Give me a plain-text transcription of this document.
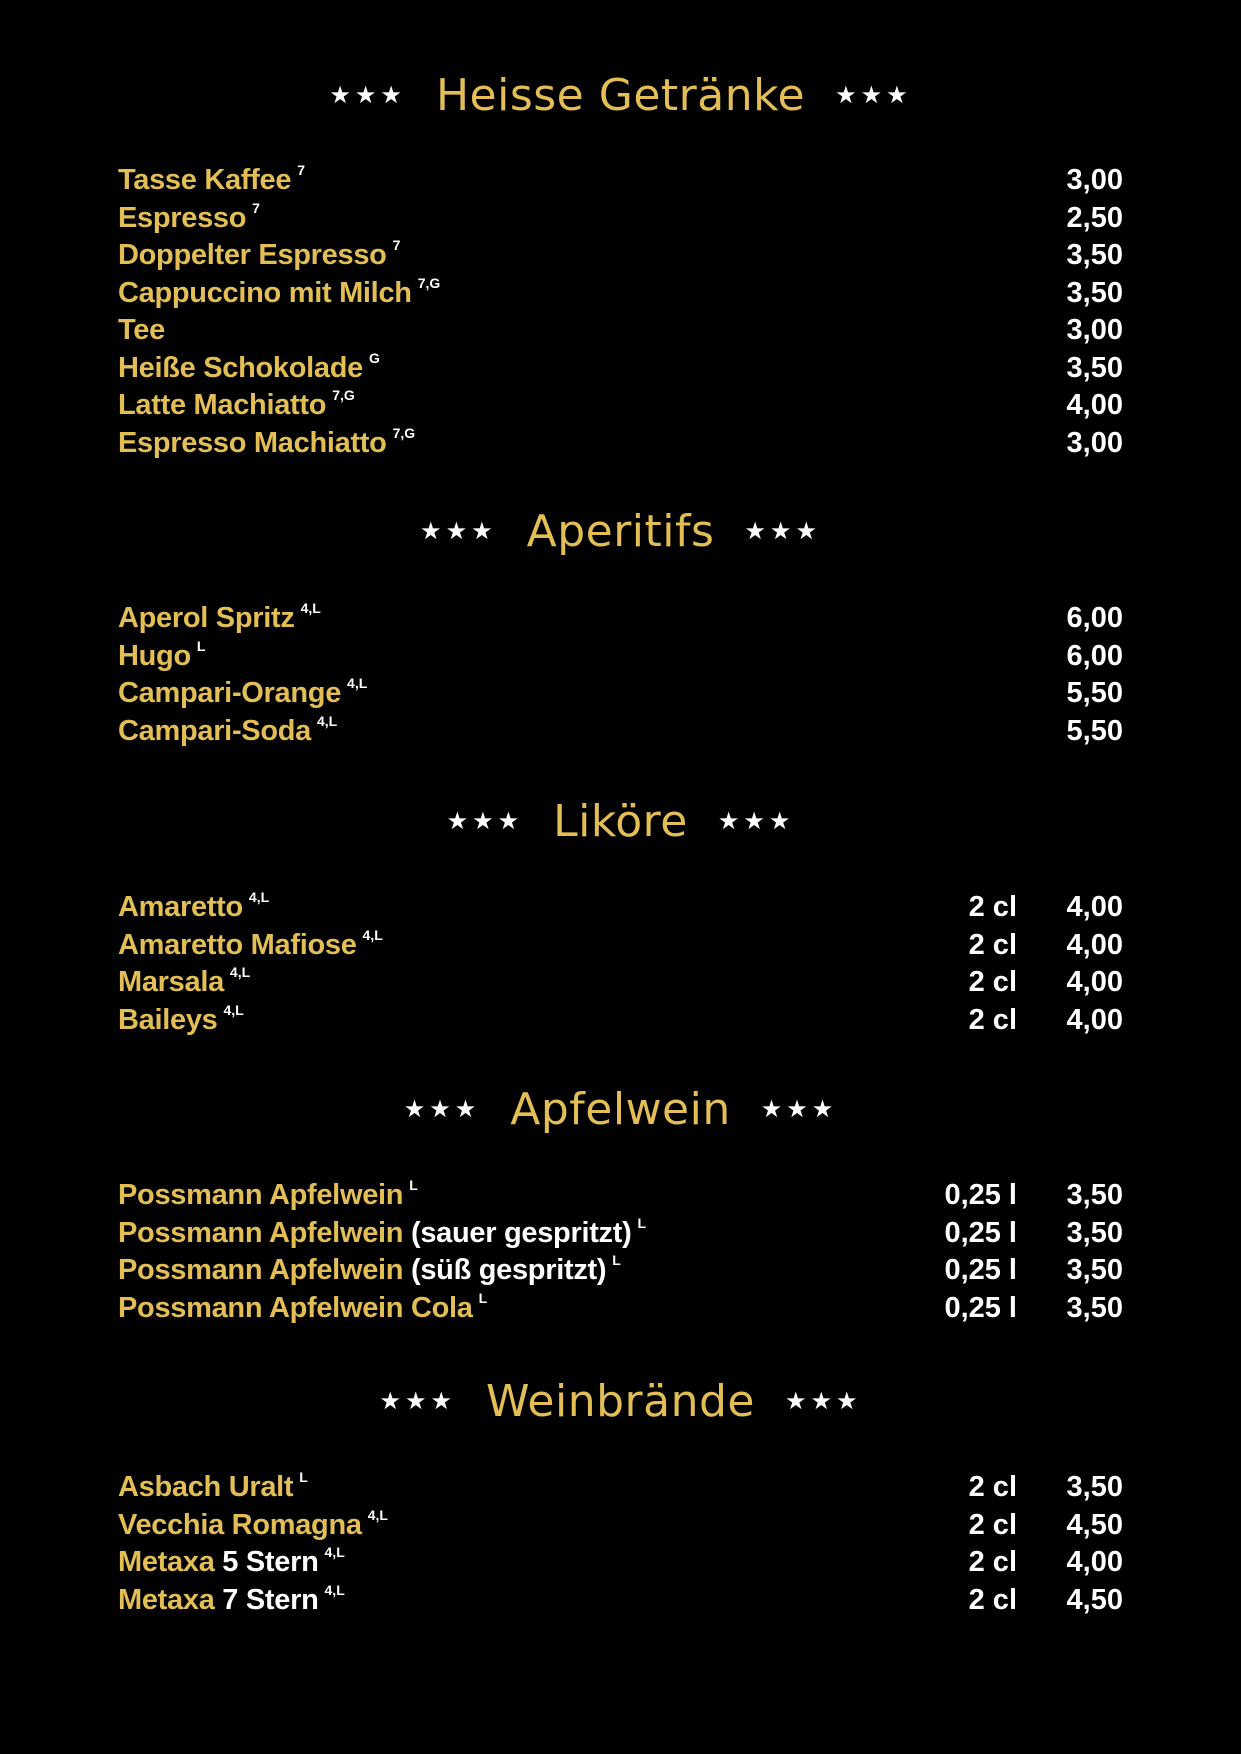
★★★ Heisse Getränke ★★★
Tasse Kaffee $^7$	3,00
Espresso $^7$	2,50
Doppelter Espresso $^7$	3,50
Cappuccino mit Milch $^{7,G}$	3,50
Tee	3,00
Heiße Schokolade $^G$	3,50
Latte Machiatto $^{7,G}$	4,00
Espresso Machiatto $^{7,G}$	3,00
★★★ Aperitifs ★★★
Aperol Spritz $^{4,L}$	6,00
Hugo $^L$	6,00
Campari-Orange $^{4,L}$	5,50
Campari-Soda $^{4,L}$	5,50
★★★ Liköre ★★★
Amaretto $^{4,L}$	2 cl 4,00
Amaretto Mafiose $^{4,L}$	2 cl 4,00
Marsala $^{4,L}$	2 cl 4,00
Baileys $^{4,L}$	2 cl 4,00
★★★ Apfelwein ★★★
Possmann Apfelwein $^L$	0,25 l 3,50
Possmann Apfelwein (sauer gespritzt) $^L$	0,25 l 3,50
Possmann Apfelwein (süß gespritzt) $^L$	0,25 l 3,50
Possmann Apfelwein Cola $^L$	0,25 l 3,50
★★★ Weinbrände ★★★
Asbach Uralt $^L$	2 cl 3,50
Vecchia Romagna $^{4,L}$	2 cl 4,50
Metaxa 5 Stern $^{4,L}$	2 cl 4,00
Metaxa 7 Stern $^{4,L}$	2 cl 4,50
